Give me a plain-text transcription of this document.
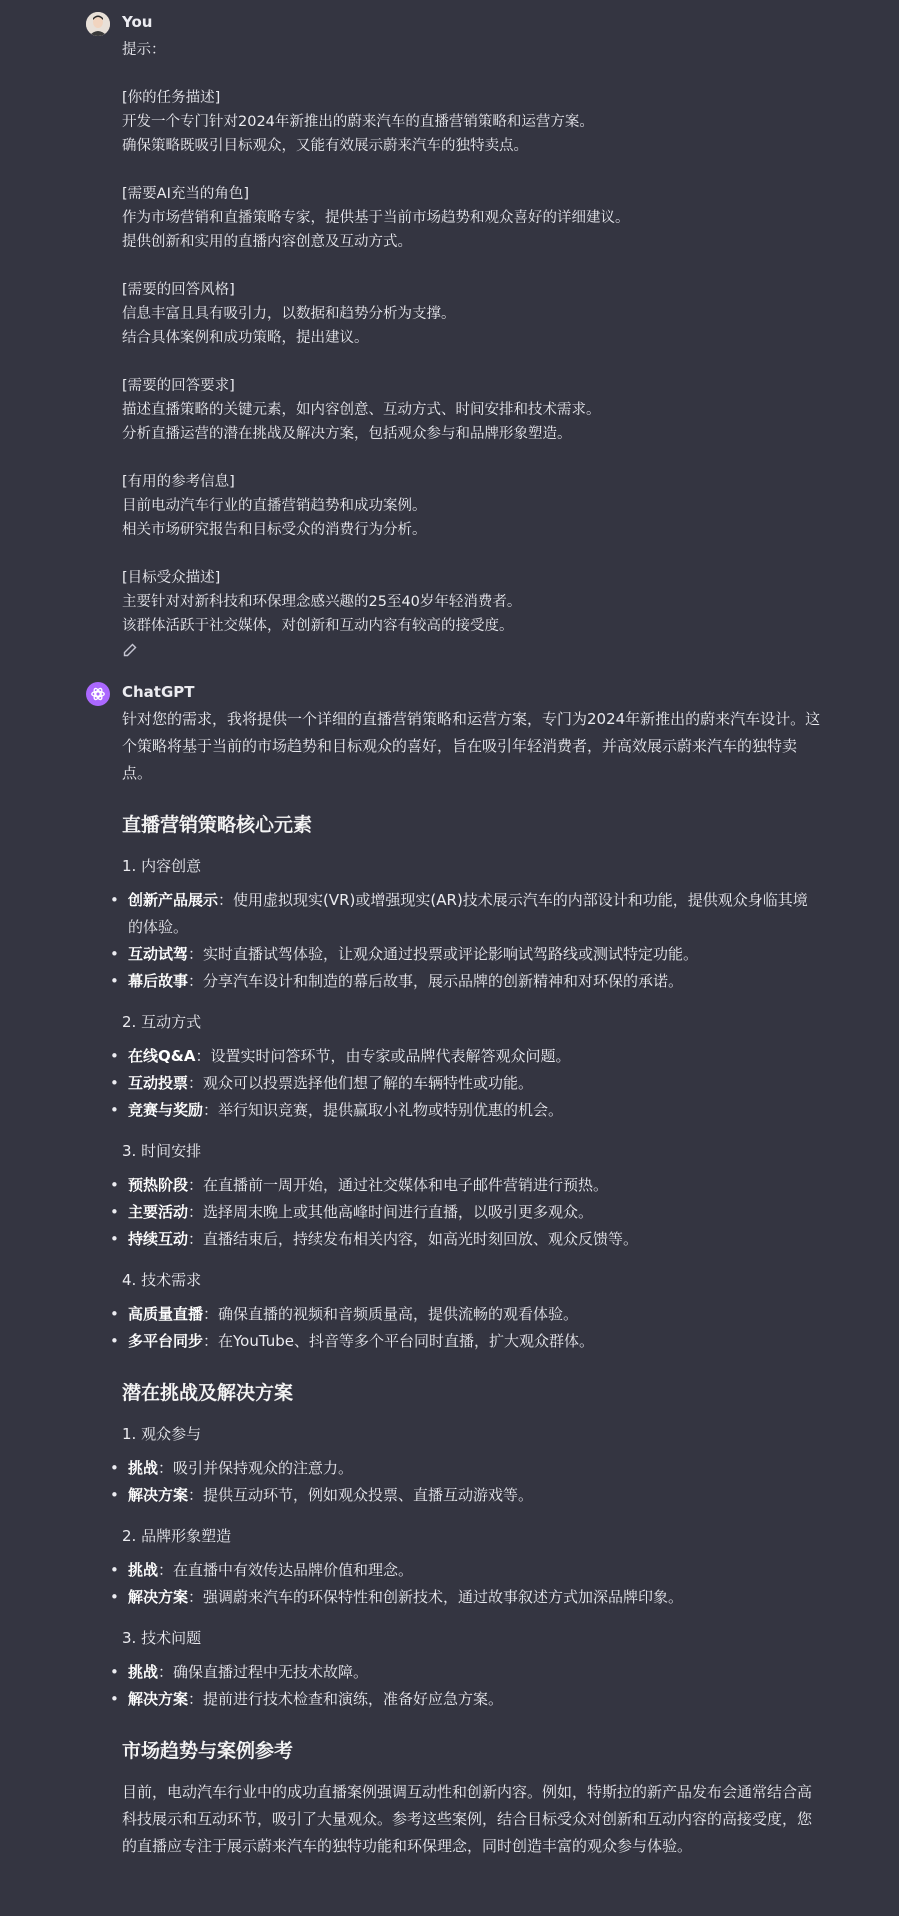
You
提示：

[你的任务描述]
开发一个专门针对2024年新推出的蔚来汽车的直播营销策略和运营方案。
确保策略既吸引目标观众，又能有效展示蔚来汽车的独特卖点。

[需要AI充当的角色]
作为市场营销和直播策略专家，提供基于当前市场趋势和观众喜好的详细建议。
提供创新和实用的直播内容创意及互动方式。

[需要的回答风格]
信息丰富且具有吸引力，以数据和趋势分析为支撑。
结合具体案例和成功策略，提出建议。

[需要的回答要求]
描述直播策略的关键元素，如内容创意、互动方式、时间安排和技术需求。
分析直播运营的潜在挑战及解决方案，包括观众参与和品牌形象塑造。

[有用的参考信息]
目前电动汽车行业的直播营销趋势和成功案例。
相关市场研究报告和目标受众的消费行为分析。

[目标受众描述]
主要针对对新科技和环保理念感兴趣的25至40岁年轻消费者。
该群体活跃于社交媒体，对创新和互动内容有较高的接受度。
ChatGPT

针对您的需求，我将提供一个详细的直播营销策略和运营方案，专门为2024年新推出的蔚来汽车设计。这个策略将基于当前的市场趋势和目标观众的喜好，旨在吸引年轻消费者，并高效展示蔚来汽车的独特卖点。

直播营销策略核心元素
1. 内容创意
• 创新产品展示：使用虚拟现实(VR)或增强现实(AR)技术展示汽车的内部设计和功能，提供观众身临其境的体验。
• 互动试驾：实时直播试驾体验，让观众通过投票或评论影响试驾路线或测试特定功能。
• 幕后故事：分享汽车设计和制造的幕后故事，展示品牌的创新精神和对环保的承诺。
2. 互动方式
• 在线Q&A：设置实时问答环节，由专家或品牌代表解答观众问题。
• 互动投票：观众可以投票选择他们想了解的车辆特性或功能。
• 竞赛与奖励：举行知识竞赛，提供赢取小礼物或特别优惠的机会。
3. 时间安排
• 预热阶段：在直播前一周开始，通过社交媒体和电子邮件营销进行预热。
• 主要活动：选择周末晚上或其他高峰时间进行直播，以吸引更多观众。
• 持续互动：直播结束后，持续发布相关内容，如高光时刻回放、观众反馈等。
4. 技术需求
• 高质量直播：确保直播的视频和音频质量高，提供流畅的观看体验。
• 多平台同步：在YouTube、抖音等多个平台同时直播，扩大观众群体。
潜在挑战及解决方案
1. 观众参与
• 挑战：吸引并保持观众的注意力。
• 解决方案：提供互动环节，例如观众投票、直播互动游戏等。
2. 品牌形象塑造
• 挑战：在直播中有效传达品牌价值和理念。
• 解决方案：强调蔚来汽车的环保特性和创新技术，通过故事叙述方式加深品牌印象。
3. 技术问题
• 挑战：确保直播过程中无技术故障。
• 解决方案：提前进行技术检查和演练，准备好应急方案。
市场趋势与案例参考

目前，电动汽车行业中的成功直播案例强调互动性和创新内容。例如，特斯拉的新产品发布会通常结合高科技展示和互动环节，吸引了大量观众。参考这些案例，结合目标受众对创新和互动内容的高接受度，您的直播应专注于展示蔚来汽车的独特功能和环保理念，同时创造丰富的观众参与体验。
